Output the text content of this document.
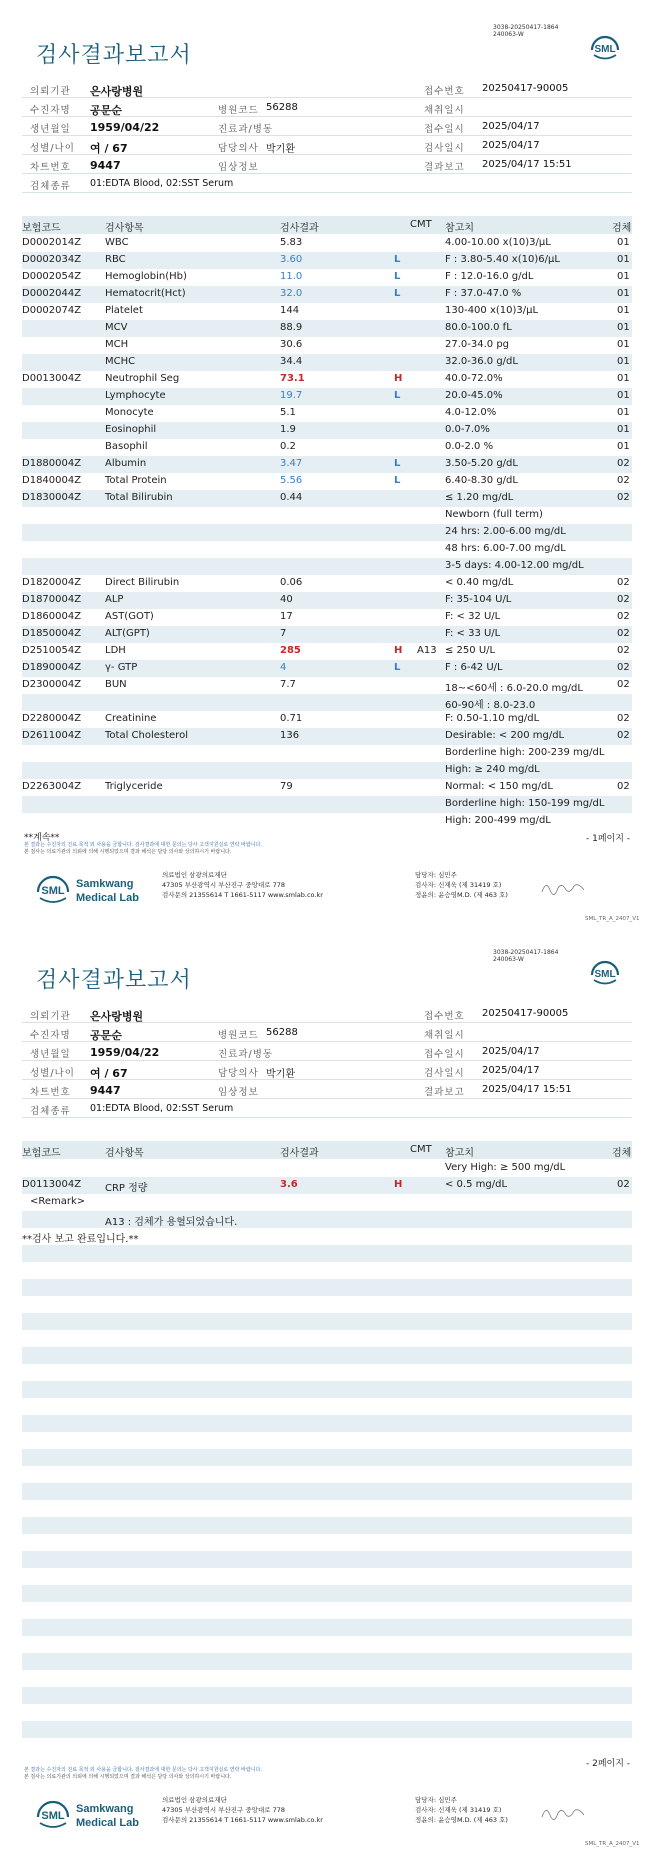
3038-20250417-1864
240063-W
검사결과보고서	SML
의뢰기관 은사랑병원	접수번호 20250417-90005
수진자명 공문순	병원코드 56288	채취일시
생년월일 1959/04/22	진료과/병동	접수일시 2025/04/17
성별/나이 여 / 67	담당의사 박기환	검사일시 2025/04/17
차트번호 9447	임상정보	결과보고 2025/04/17 15:51
검체종류 01:EDTA Blood, 02:SST Serum
보험코드	검사항목	검사결과	CMT 참고치	검체
D0002014Z WBC	5.83	4.00-10.00 x(10)3/μL	01
D0002034Z RBC	3.60	L	F : 3.80-5.40 x(10)6/μL	01
D0002054Z Hemoglobin(Hb)	11.0	L	F : 12.0-16.0 g/dL	01
D0002044Z Hematocrit(Hct)	32.0	L	F : 37.0-47.0 %	01
D0002074Z Platelet	144	130-400 x(10)3/μL	01
MCV	88.9	80.0-100.0 fL	01
MCH	30.6	27.0-34.0 pg	01
MCHC	34.4	32.0-36.0 g/dL	01
D0013004Z Neutrophil Seg	73.1	H	40.0-72.0%	01
Lymphocyte	19.7	L	20.0-45.0%	01
Monocyte	5.1	4.0-12.0%	01
Eosinophil	1.9	0.0-7.0%	01
Basophil	0.2	0.0-2.0 %	01
D1880004Z Albumin	3.47	L	3.50-5.20 g/dL	02
D1840004Z Total Protein	5.56	L	6.40-8.30 g/dL	02
D1830004Z Total Bilirubin	0.44	≤ 1.20 mg/dL	02
Newborn (full term)
24 hrs: 2.00-6.00 mg/dL
48 hrs: 6.00-7.00 mg/dL
3-5 days: 4.00-12.00 mg/dL
D1820004Z Direct Bilirubin	0.06	< 0.40 mg/dL	02
D1870004Z ALP	40	F: 35-104 U/L	02
D1860004Z AST(GOT)	17	F: < 32 U/L	02
D1850004Z ALT(GPT)	7	F: < 33 U/L	02
D2510054Z LDH	285	H A13 ≤ 250 U/L	02
D1890004Z γ- GTP	4	L	F : 6-42 U/L	02
D2300004Z BUN	7.7	18~<60세 : 6.0-20.0 mg/dL	02
60-90세 : 8.0-23.0
D2280004Z Creatinine	0.71	F: 0.50-1.10 mg/dL	02
D2611004Z Total Cholesterol	136	Desirable: < 200 mg/dL	02
Borderline high: 200-239 mg/dL
High: ≥ 240 mg/dL
D2263004Z Triglyceride	79	Normal: < 150 mg/dL	02
Borderline high: 150-199 mg/dL
High: 200-499 mg/dL
**계속**	- 1페이지 -
본 결과는 수진자의 진료 목적 외 사용을 금합니다. 검사결과에 대한 문의는 당사 고객지원실로 연락 바랍니다.
본 검사는 의료기관의 의뢰에 의해 시행되었으며 결과 해석은 담당 의사와 상의하시기 바랍니다.
SML
Samkwang
Medical Lab
의료법인 삼광의료재단
47305 부산광역시 부산진구 중앙대로 778
검사문의 21355614 T 1661-5117 www.smlab.co.kr
담당자: 심민주
검사자: 신재욱 (제 31419 호)
정윤의: 윤승영M.D. (제 463 호)
SML_TR_A_2407_V1
3038-20250417-1864
240063-W
검사결과보고서	SML
의뢰기관 은사랑병원	접수번호 20250417-90005
수진자명 공문순	병원코드 56288	채취일시
생년월일 1959/04/22	진료과/병동	접수일시 2025/04/17
성별/나이 여 / 67	담당의사 박기환	검사일시 2025/04/17
차트번호 9447	임상정보	결과보고 2025/04/17 15:51
검체종류 01:EDTA Blood, 02:SST Serum
보험코드	검사항목	검사결과	CMT 참고치	검체
Very High: ≥ 500 mg/dL
D0113004Z CRP 정량	3.6	H	< 0.5 mg/dL	02
<Remark>
A13 : 검체가 용혈되었습니다.
**검사 보고 완료입니다.**
본 결과는 수진자의 진료 목적 외 사용을 금합니다. 검사결과에 대한 문의는 당사 고객지원실로 연락 바랍니다.
본 검사는 의료기관의 의뢰에 의해 시행되었으며 결과 해석은 담당 의사와 상의하시기 바랍니다.
- 2페이지 -
SML
Samkwang
Medical Lab
의료법인 삼광의료재단
47305 부산광역시 부산진구 중앙대로 778
검사문의 21355614 T 1661-5117 www.smlab.co.kr
담당자: 심민주
검사자: 신재욱 (제 31419 호)
정윤의: 윤승영M.D. (제 463 호)
SML_TR_A_2407_V1
